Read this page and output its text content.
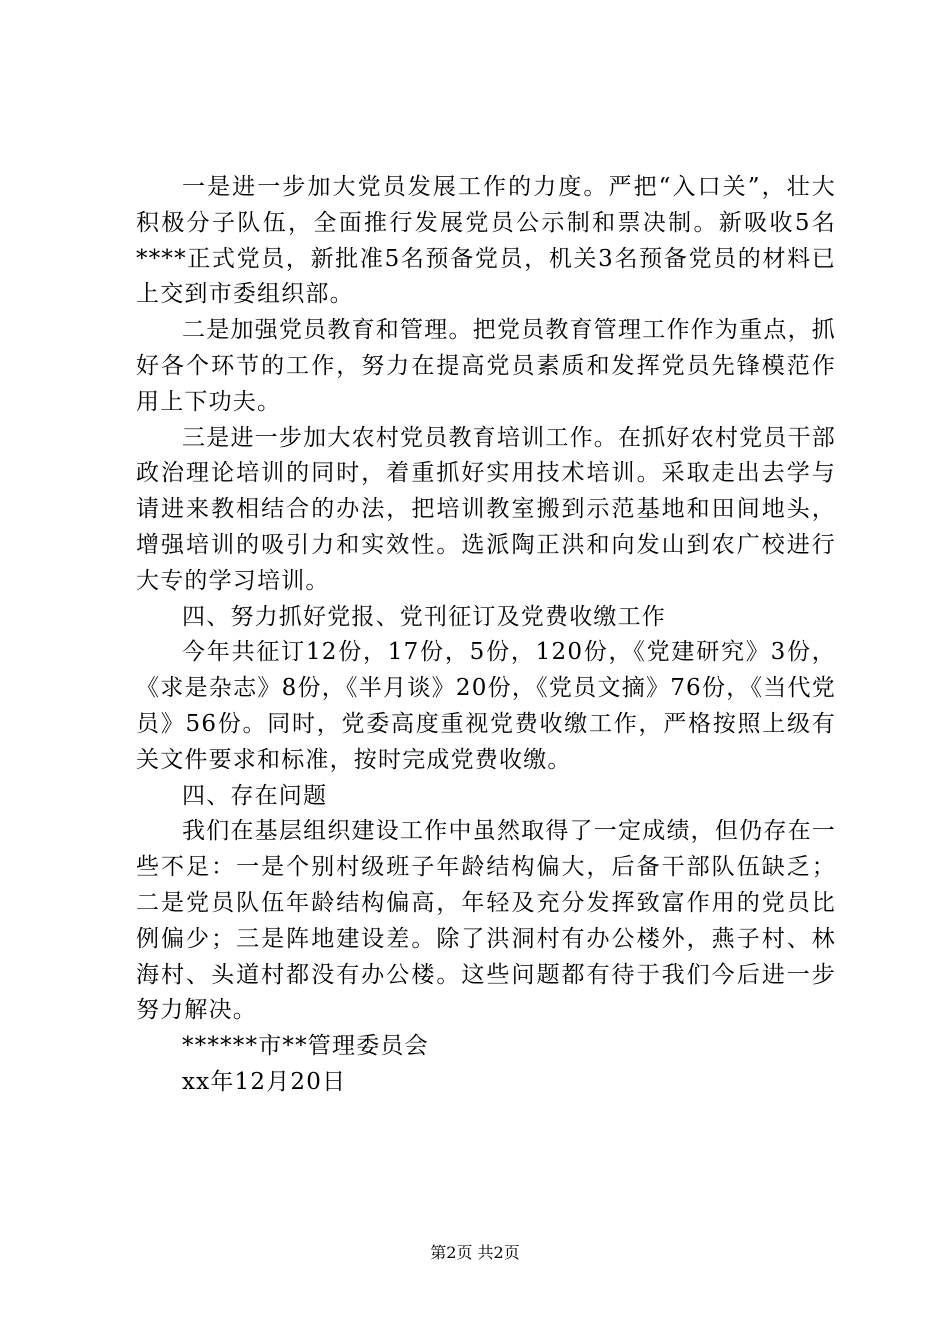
一是进一步加大党员发展工作的力度。严把“入口关”，壮大积极分子队伍，全面推行发展党员公示制和票决制。新吸收5名****正式党员，新批准5名预备党员，机关3名预备党员的材料已上交到市委组织部。

二是加强党员教育和管理。把党员教育管理工作作为重点，抓好各个环节的工作，努力在提高党员素质和发挥党员先锋模范作用上下功夫。

三是进一步加大农村党员教育培训工作。在抓好农村党员干部政治理论培训的同时，着重抓好实用技术培训。采取走出去学与请进来教相结合的办法，把培训教室搬到示范基地和田间地头，增强培训的吸引力和实效性。选派陶正洪和向发山到农广校进行大专的学习培训。

四、努力抓好党报、党刊征订及党费收缴工作

今年共征订12份，17份，5份，120份，《党建研究》3份，《求是杂志》8份，《半月谈》20份，《党员文摘》76份，《当代党员》56份。同时，党委高度重视党费收缴工作，严格按照上级有关文件要求和标准，按时完成党费收缴。

四、存在问题

我们在基层组织建设工作中虽然取得了一定成绩，但仍存在一些不足：一是个别村级班子年龄结构偏大，后备干部队伍缺乏；二是党员队伍年龄结构偏高，年轻及充分发挥致富作用的党员比例偏少；三是阵地建设差。除了洪洞村有办公楼外，燕子村、林海村、头道村都没有办公楼。这些问题都有待于我们今后进一步努力解决。

******市**管理委员会

xx年12月20日

第2页 共2页
